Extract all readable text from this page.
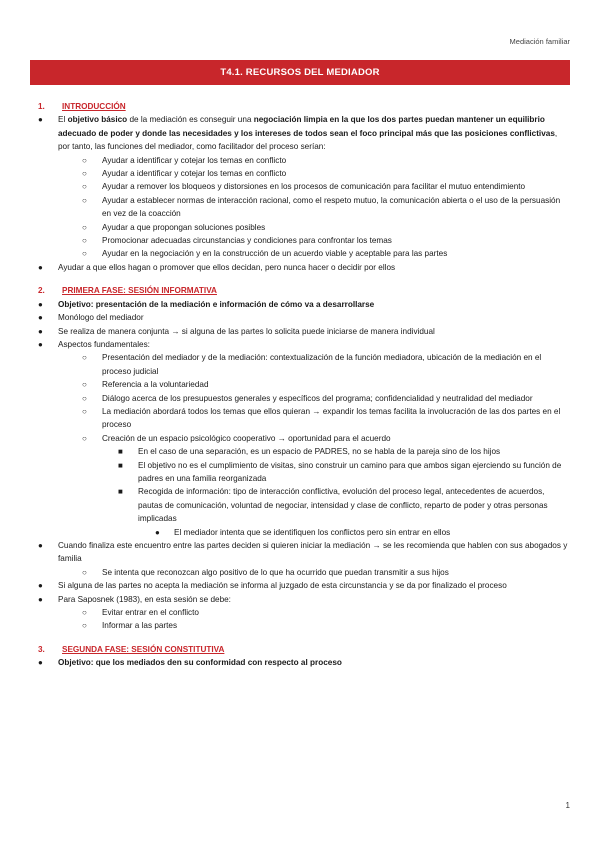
Mediación familiar
T4.1. RECURSOS DEL MEDIADOR
1. INTRODUCCIÓN
● El objetivo básico de la mediación es conseguir una negociación limpia en la que los dos partes puedan mantener un equilibrio adecuado de poder y donde las necesidades y los intereses de todos sean el foco principal más que las posiciones conflictivas, por tanto, las funciones del mediador, como facilitador del proceso serían:
○ Ayudar a identificar y cotejar los temas en conflicto
○ Ayudar a identificar y cotejar los temas en conflicto
○ Ayudar a remover los bloqueos y distorsiones en los procesos de comunicación para facilitar el mutuo entendimiento
○ Ayudar a establecer normas de interacción racional, como el respeto mutuo, la comunicación abierta o el uso de la persuasión en vez de la coacción
○ Ayudar a que propongan soluciones posibles
○ Promocionar adecuadas circunstancias y condiciones para confrontar los temas
○ Ayudar en la negociación y en la construcción de un acuerdo viable y aceptable para las partes
● Ayudar a que ellos hagan o promover que ellos decidan, pero nunca hacer o decidir por ellos
2. PRIMERA FASE: SESIÓN INFORMATIVA
● Objetivo: presentación de la mediación e información de cómo va a desarrollarse
● Monólogo del mediador
● Se realiza de manera conjunta → si alguna de las partes lo solicita puede iniciarse de manera individual
● Aspectos fundamentales:
○ Presentación del mediador y de la mediación: contextualización de la función mediadora, ubicación de la mediación en el proceso judicial
○ Referencia a la voluntariedad
○ Diálogo acerca de los presupuestos generales y específicos del programa; confidencialidad y neutralidad del mediador
○ La mediación abordará todos los temas que ellos quieran → expandir los temas facilita la involucración de las dos partes en el proceso
○ Creación de un espacio psicológico cooperativo → oportunidad para el acuerdo
■ En el caso de una separación, es un espacio de PADRES, no se habla de la pareja sino de los hijos
■ El objetivo no es el cumplimiento de visitas, sino construir un camino para que ambos sigan ejerciendo su función de padres en una familia reorganizada
■ Recogida de información: tipo de interacción conflictiva, evolución del proceso legal, antecedentes de acuerdos, pautas de comunicación, voluntad de negociar, intensidad y clase de conflicto, reparto de poder y otras personas implicadas
● El mediador intenta que se identifiquen los conflictos pero sin entrar en ellos
● Cuando finaliza este encuentro entre las partes deciden si quieren iniciar la mediación → se les recomienda que hablen con sus abogados y familia
○ Se intenta que reconozcan algo positivo de lo que ha ocurrido que puedan transmitir a sus hijos
● Si alguna de las partes no acepta la mediación se informa al juzgado de esta circunstancia y se da por finalizado el proceso
● Para Saposnek (1983), en esta sesión se debe:
○ Evitar entrar en el conflicto
○ Informar a las partes
3. SEGUNDA FASE: SESIÓN CONSTITUTIVA
● Objetivo: que los mediados den su conformidad con respecto al proceso
1
